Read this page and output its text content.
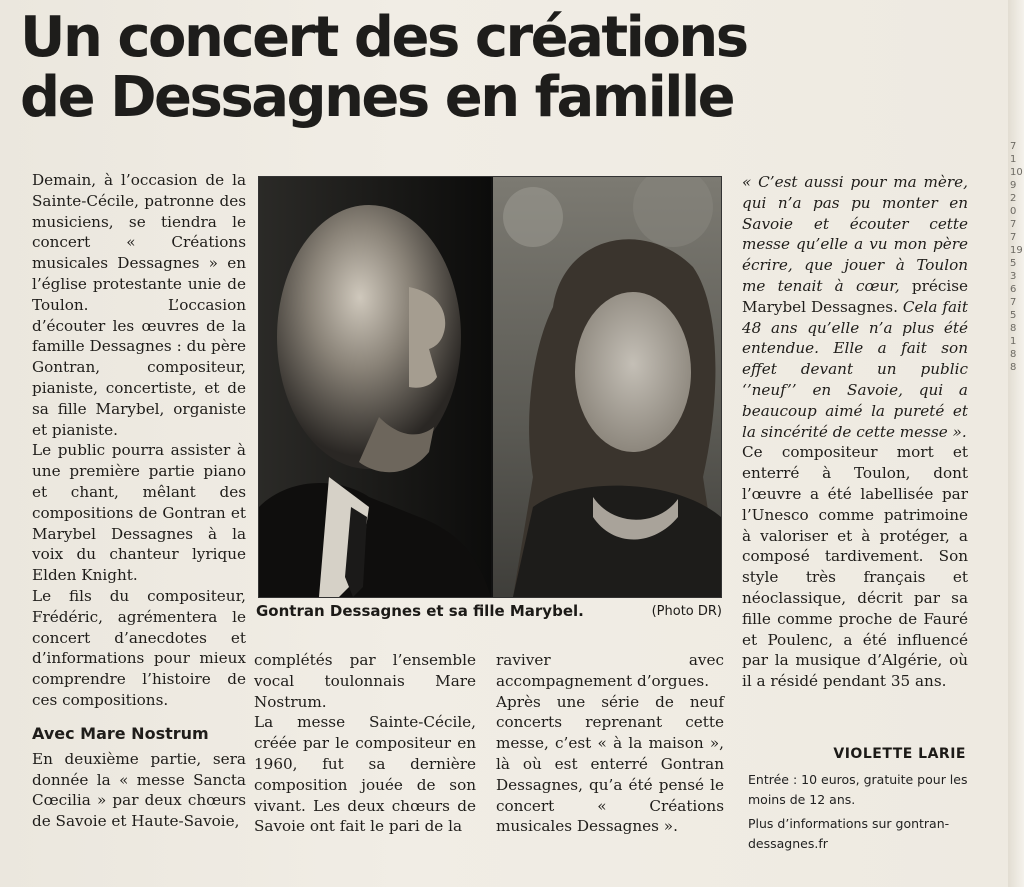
7 1 10 9 2 0 7 7 19 5 3 6 7 5 8 1 8 8
Un concert des créations
de Dessagnes en famille

Demain, à l’occasion de la Sainte-Cécile, patronne des musiciens, se tiendra le concert « Créations musicales Dessagnes » en l’église protestante unie de Toulon. L’occasion d’écouter les œuvres de la famille Dessagnes : du père Gontran, compositeur, pianiste, concertiste, et de sa fille Marybel, organiste et pianiste.

Le public pourra assister à une première partie piano et chant, mêlant des compositions de Gontran et Marybel Dessagnes à la voix du chanteur lyrique Elden Knight.

Le fils du compositeur, Frédéric, agrémentera le concert d’anecdotes et d’informations pour mieux comprendre l’histoire de ces compositions.

Avec Mare Nostrum

En deuxième partie, sera donnée la « messe Sancta Cœcilia » par deux chœurs de Savoie et Haute-Savoie,

Gontran Dessagnes et sa fille Marybel.	(Photo DR)

complétés par l’ensemble vocal toulonnais Mare Nostrum.

La messe Sainte-Cécile, créée par le compositeur en 1960, fut sa dernière composition jouée de son vivant. Les deux chœurs de Savoie ont fait le pari de la

raviver avec accompagnement d’orgues.

Après une série de neuf concerts reprenant cette messe, c’est « à la maison », là où est enterré Gontran Dessagnes, qu’a été pensé le concert « Créations musicales Dessagnes ».

« C’est aussi pour ma mère, qui n’a pas pu monter en Savoie et écouter cette messe qu’elle a vu mon père écrire, que jouer à Toulon me tenait à cœur, précise Marybel Dessagnes. Cela fait 48 ans qu’elle n’a plus été entendue. Elle a fait son effet devant un public ‘’neuf’’ en Savoie, qui a beaucoup aimé la pureté et la sincérité de cette messe ».

Ce compositeur mort et enterré à Toulon, dont l’œuvre a été labellisée par l’Unesco comme patrimoine à valoriser et à protéger, a composé tardivement. Son style très français et néoclassique, décrit par sa fille comme proche de Fauré et Poulenc, a été influencé par la musique d’Algérie, où il a résidé pendant 35 ans.

VIOLETTE LARIE

Entrée : 10 euros, gratuite pour les moins de 12 ans.

Plus d’informations sur gontran-dessagnes.fr
